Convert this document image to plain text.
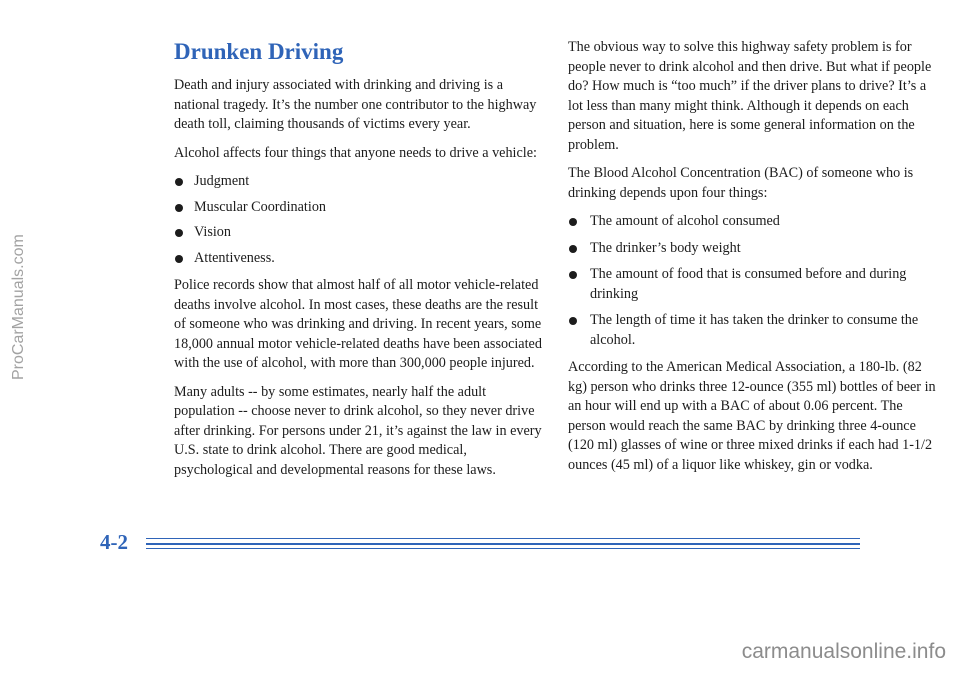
Drunken Driving

Death and injury associated with drinking and driving is a national tragedy. It’s the number one contributor to the highway death toll, claiming thousands of victims every year.

Alcohol affects four things that anyone needs to drive a vehicle:

Judgment
Muscular Coordination
Vision
Attentiveness.

Police records show that almost half of all motor vehicle-related deaths involve alcohol. In most cases, these deaths are the result of someone who was drinking and driving. In recent years, some 18,000 annual motor vehicle-related deaths have been associated with the use of alcohol, with more than 300,000 people injured.

Many adults -- by some estimates, nearly half the adult population -- choose never to drink alcohol, so they never drive after drinking. For persons under 21, it’s against the law in every U.S. state to drink alcohol. There are good medical, psychological and developmental reasons for these laws.

The obvious way to solve this highway safety problem is for people never to drink alcohol and then drive. But what if people do? How much is “too much” if the driver plans to drive? It’s a lot less than many might think. Although it depends on each person and situation, here is some general information on the problem.

The Blood Alcohol Concentration (BAC) of someone who is drinking depends upon four things:

The amount of alcohol consumed
The drinker’s body weight
The amount of food that is consumed before and during drinking
The length of time it has taken the drinker to consume the alcohol.

According to the American Medical Association, a 180-lb. (82 kg) person who drinks three 12-ounce (355 ml) bottles of beer in an hour will end up with a BAC of about 0.06 percent. The person would reach the same BAC by drinking three 4-ounce (120 ml) glasses of wine or three mixed drinks if each had 1-1/2 ounces (45 ml) of a liquor like whiskey, gin or vodka.

4-2
ProCarManuals.com
carmanualsonline.info
